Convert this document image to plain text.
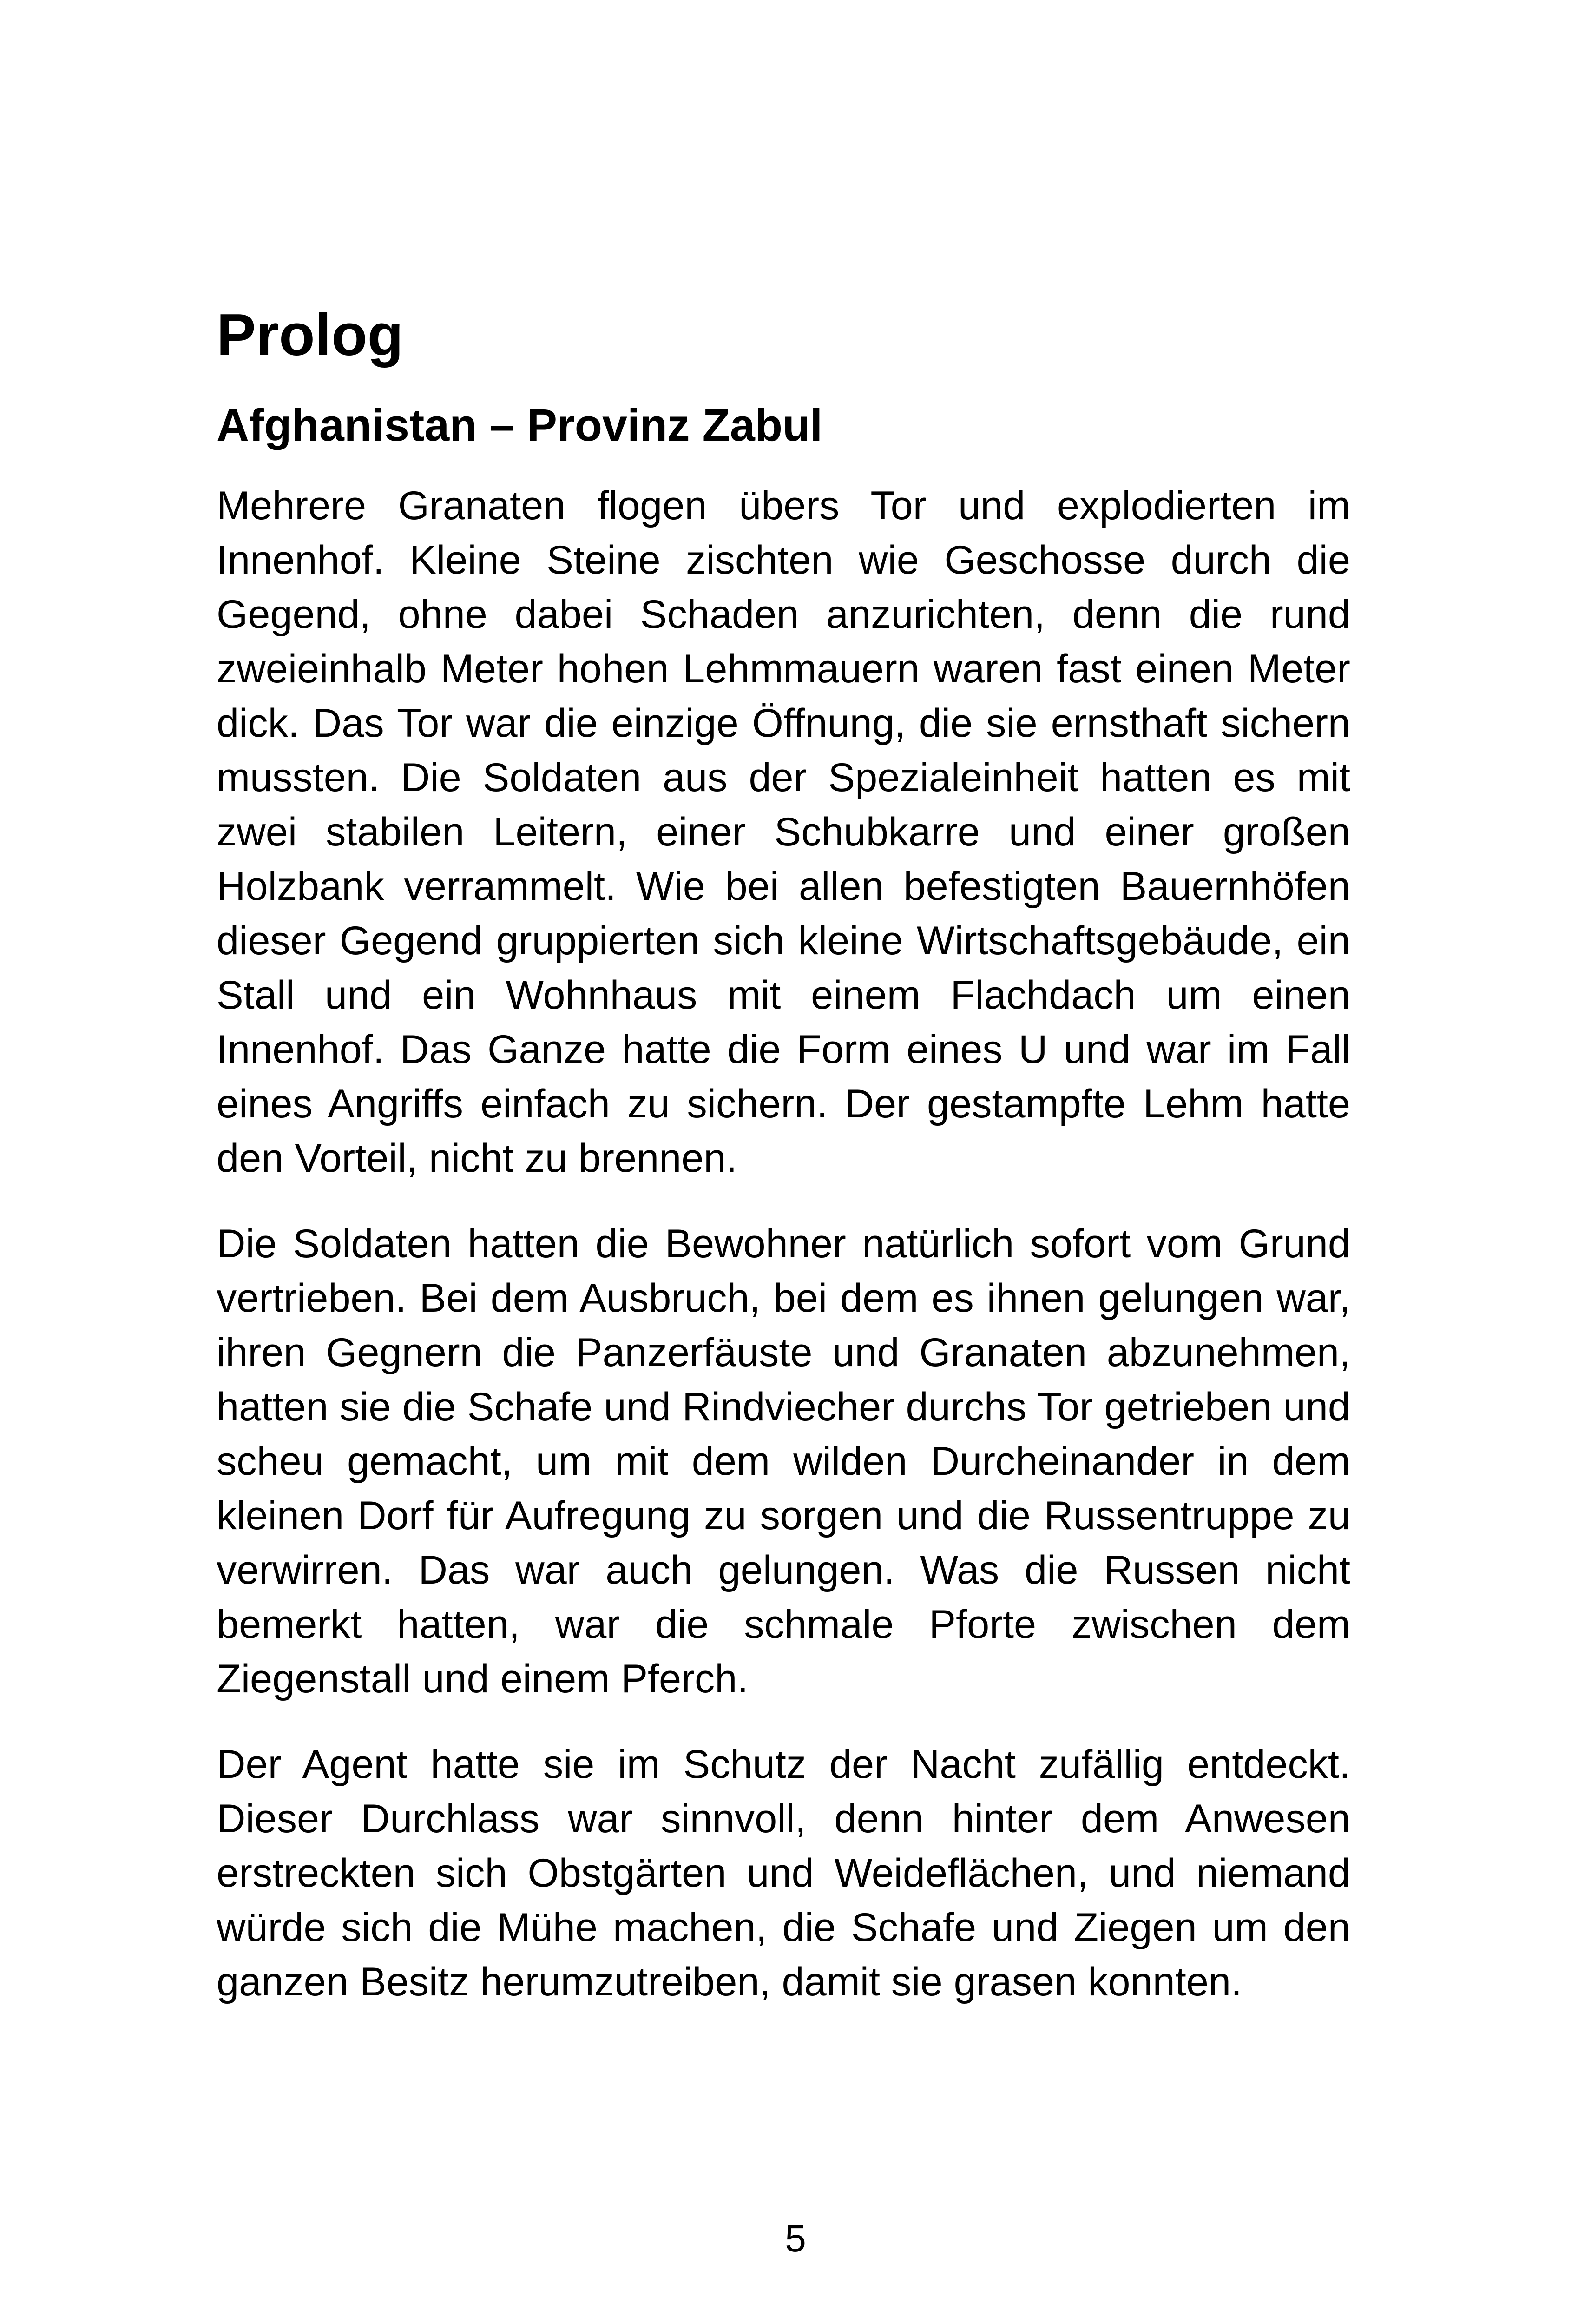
Prolog
Afghanistan – Provinz Zabul

Mehrere Granaten flogen übers Tor und explodierten im Innenhof. Kleine Steine zischten wie Geschosse durch die Gegend, ohne dabei Schaden anzurichten, denn die rund zweieinhalb Meter hohen Lehmmauern waren fast einen Meter dick. Das Tor war die einzige Öffnung, die sie ernsthaft sichern mussten. Die Soldaten aus der Spezialeinheit hatten es mit zwei stabilen Leitern, einer Schubkarre und einer großen Holzbank verrammelt. Wie bei allen befestigten Bauernhöfen dieser Gegend gruppierten sich kleine Wirtschaftsgebäude, ein Stall und ein Wohnhaus mit einem Flachdach um einen Innenhof. Das Ganze hatte die Form eines U und war im Fall eines Angriffs einfach zu sichern. Der gestampfte Lehm hatte den Vorteil, nicht zu brennen.

Die Soldaten hatten die Bewohner natürlich sofort vom Grund vertrieben. Bei dem Ausbruch, bei dem es ihnen gelungen war, ihren Gegnern die Panzerfäuste und Granaten abzunehmen, hatten sie die Schafe und Rindviecher durchs Tor getrieben und scheu gemacht, um mit dem wilden Durcheinander in dem kleinen Dorf für Aufregung zu sorgen und die Russentruppe zu verwirren. Das war auch gelungen. Was die Russen nicht bemerkt hatten, war die schmale Pforte zwischen dem Ziegenstall und einem Pferch.

Der Agent hatte sie im Schutz der Nacht zufällig entdeckt. Dieser Durchlass war sinnvoll, denn hinter dem Anwesen erstreckten sich Obstgärten und Weideflächen, und niemand würde sich die Mühe machen, die Schafe und Ziegen um den ganzen Besitz herumzutreiben, damit sie grasen konnten.

5
